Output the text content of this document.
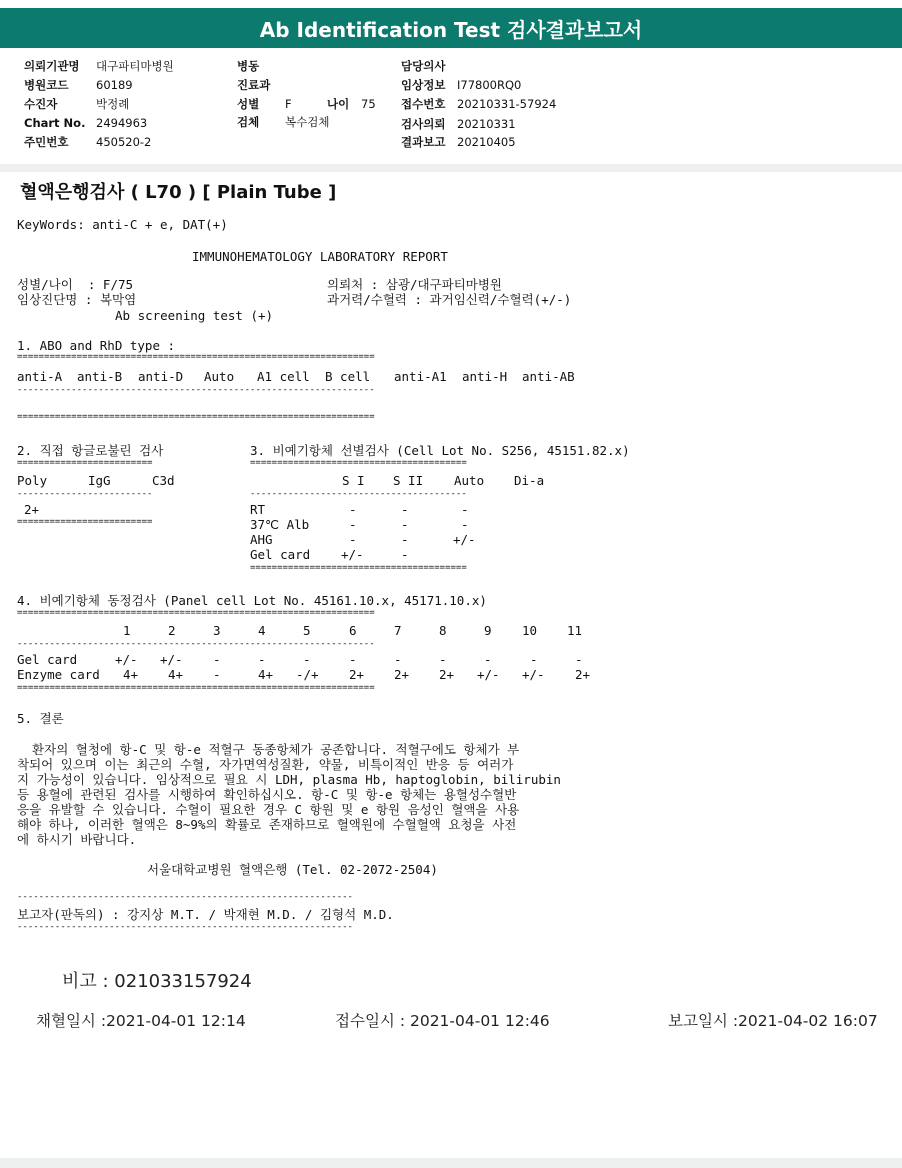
Ab Identification Test 검사결과보고서
의뢰기관명 대구파티마병원
병원코드 60189
수진자	박정례
Chart No. 2494963
주민번호 450520-2
병동
진료과
성별 F	나이 75
검체 복수검체
담당의사
임상정보 I77800RQ0
접수번호 20210331-57924
검사의뢰 20210331
결과보고 20210405
혈액은행검사 ( L70 ) [ Plain Tube ]
KeyWords: anti-C + e, DAT(+)
IMMUNOHEMATOLOGY LABORATORY REPORT
성별/나이  : F/75
임상진단명 : 복막염
Ab screening test (+)
의뢰처 : 삼광/대구파티마병원
과거력/수혈력 : 과거임신력/수혈력(+/-)
1. ABO and RhD type :
==================================================================
anti-A anti-B anti-D Auto A1 cell B cell anti-A1 anti-H anti-AB
------------------------------------------------------------------
==================================================================
2. 직접 항글로불린 검사
=========================
Poly	IgG	C3d
-------------------------
2+
=========================
3. 비예기항체 선별검사 (Cell Lot No. S256, 45151.82.x)
========================================
S I S II Auto Di-a
----------------------------------------
RT	-	-	-
37℃ Alb	-	-	-
AHG	-	-	+/-
Gel card +/-	-
========================================
4. 비예기항체 동정검사 (Panel cell Lot No. 45161.10.x, 45171.10.x)
==================================================================
1	2	3	4	5	6	7	8	9 10 11
------------------------------------------------------------------
Gel card	+/- +/- -	-	-	-	-	-	-	-	-
Enzyme card 4+ 4+ -	4+ -/+ 2+ 2+ 2+ +/- +/- 2+
==================================================================
5. 결론
환자의 혈청에 항-C 및 항-e 적혈구 동종항체가 공존합니다. 적혈구에도 항체가 부
착되어 있으며 이는 최근의 수혈, 자가면역성질환, 약물, 비특이적인 반응 등 여러가
지 가능성이 있습니다. 임상적으로 필요 시 LDH, plasma Hb, haptoglobin, bilirubin
등 용혈에 관련된 검사를 시행하여 확인하십시오. 항-C 및 항-e 항체는 용혈성수혈반
응을 유발할 수 있습니다. 수혈이 필요한 경우 C 항원 및 e 항원 음성인 혈액을 사용
해야 하나, 이러한 혈액은 8~9%의 확률로 존재하므로 혈액원에 수혈혈액 요청을 사전
에 하시기 바랍니다.
서울대학교병원 혈액은행 (Tel. 02-2072-2504)
--------------------------------------------------------------
보고자(판독의) : 강지상 M.T. / 박재현 M.D. / 김형석 M.D.
--------------------------------------------------------------
비고 : 021033157924
채혈일시 :2021-04-01 12:14	접수일시 : 2021-04-01 12:46	보고일시 :2021-04-02 16:07
